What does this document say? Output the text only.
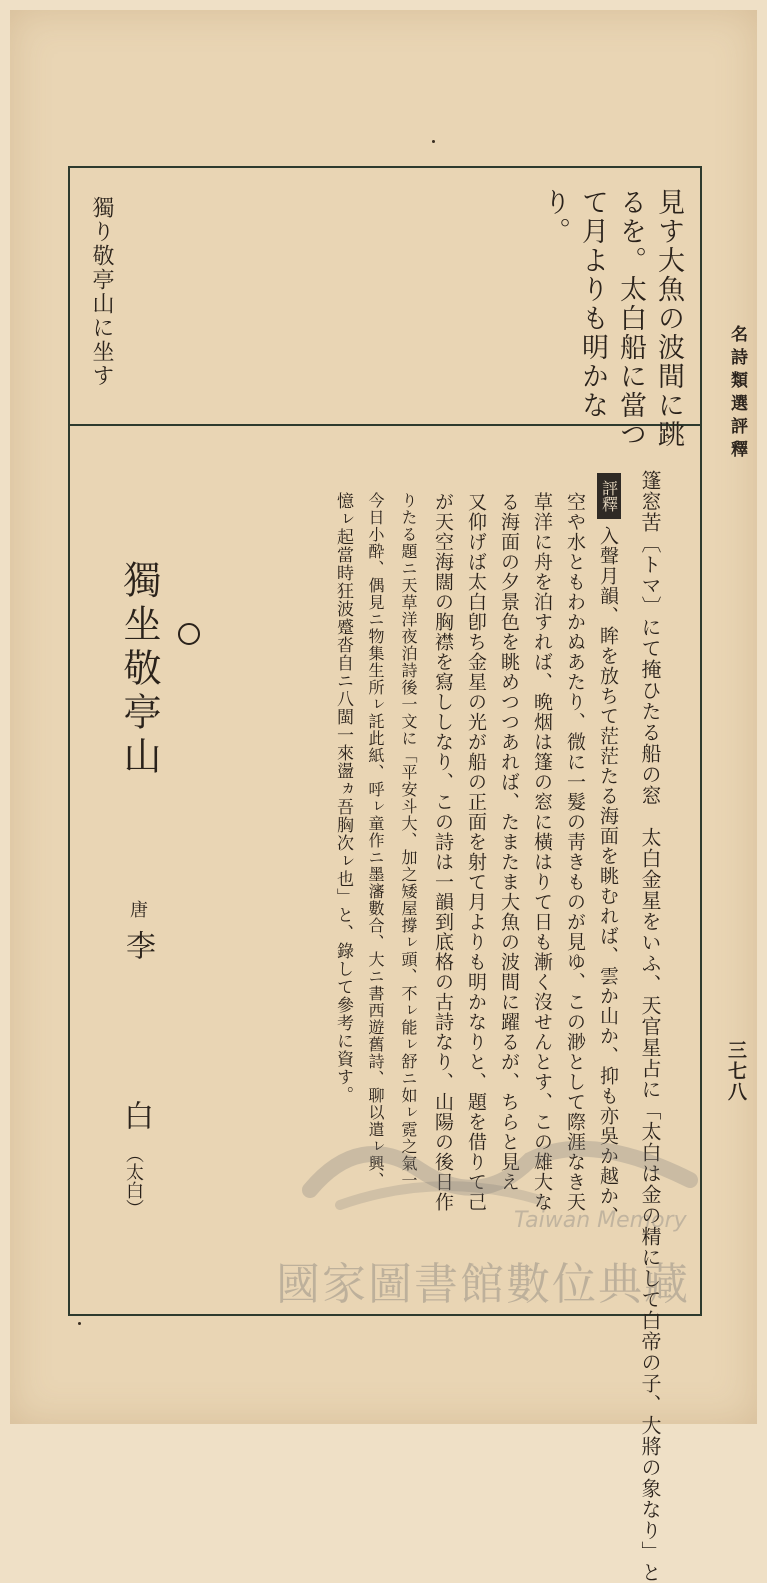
名詩類選評釋
三七八
見す大魚の波間に跳
るを。太白船に當つ
て月よりも明かな
り。
獨り敬亭山に坐す
評釋 篷窓苦〔トマ〕にて掩ひたる船の窓　太白金星をいふ、天官星占に「太白は金の精にして白帝の子、大將の象なり」と
入聲月韻、眸を放ちて茫茫たる海面を眺むれば、雲か山か、抑も亦吳か越か、
空や水ともわかぬあたり、微に一髮の靑きものが見ゆ、この渺として際涯なき天
草洋に舟を泊すれば、晩烟は篷の窓に橫はりて日も漸く沒せんとす、この雄大な
る海面の夕景色を眺めつつあれば、たまたま大魚の波間に躍るが、ちらと見え
又仰げば太白卽ち金星の光が船の正面を射て月よりも明かなりと、題を借りて己
が天空海闊の胸襟を寫ししなり、この詩は一韻到底格の古詩なり、山陽の後日作
りたる題ニ天草洋夜泊詩後一文に「平安斗大、加之矮屋撐ㇾ頭、不ㇾ能ㇾ舒ニ如ㇾ霓之氣一
今日小酔、偶見ニ物集生所ㇾ託此紙、呼ㇾ童作ニ墨瀋數合、大ニ書西遊舊詩、聊以遣ㇾ興、
憶ㇾ起當時狂波蹙沓自ニ八閩一來盪ヵ吾胸次ㇾ也」と、錄して參考に資す。
獨坐敬亭山
唐
李
白
（太白）
Taiwan Memory
國家圖書館數位典藏
